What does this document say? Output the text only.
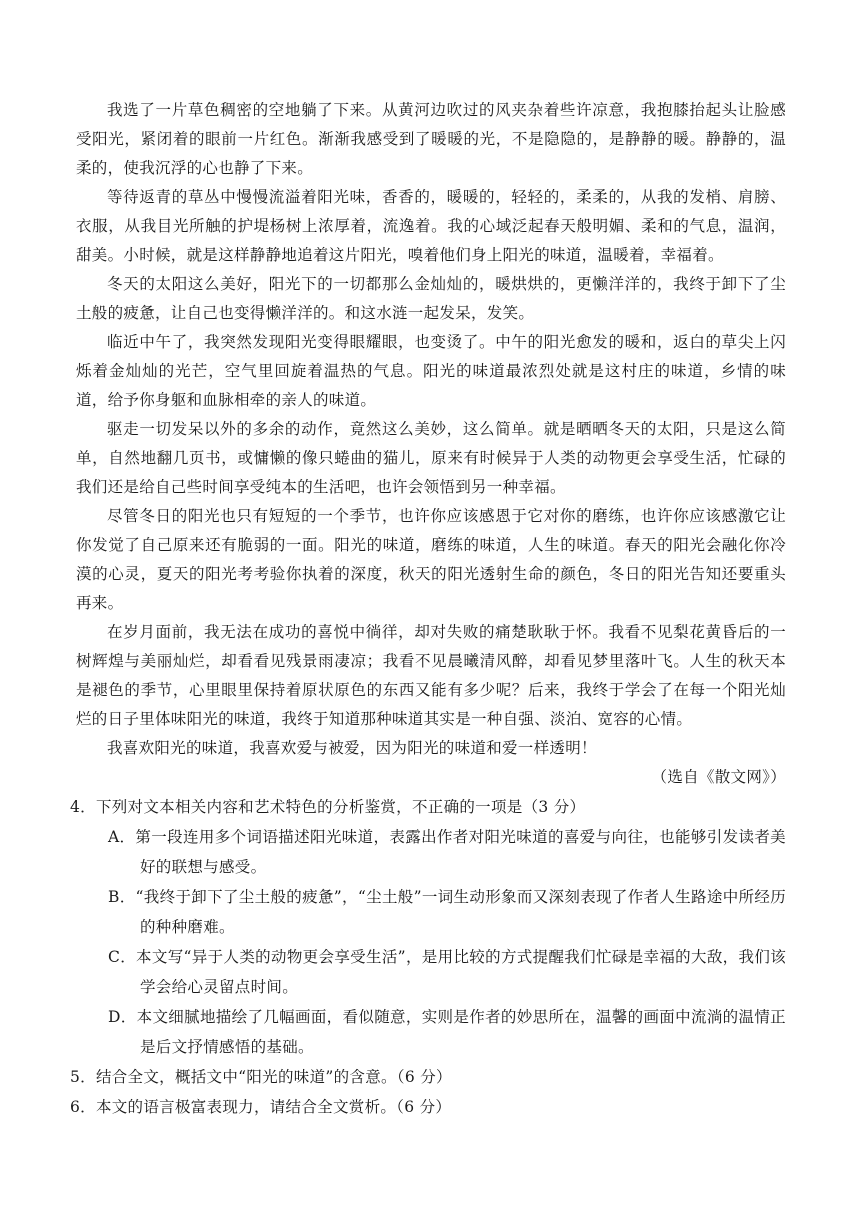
我选了一片草色稠密的空地躺了下来。从黄河边吹过的风夹杂着些许凉意，我抱膝抬起头让脸感受阳光，紧闭着的眼前一片红色。渐渐我感受到了暖暖的光，不是隐隐的，是静静的暖。静静的，温柔的，使我沉浮的心也静了下来。

等待返青的草丛中慢慢流溢着阳光味，香香的，暖暖的，轻轻的，柔柔的，从我的发梢、肩膀、衣服，从我目光所触的护堤杨树上浓厚着，流逸着。我的心域泛起春天般明媚、柔和的气息，温润，甜美。小时候，就是这样静静地追着这片阳光，嗅着他们身上阳光的味道，温暖着，幸福着。

冬天的太阳这么美好，阳光下的一切都那么金灿灿的，暖烘烘的，更懒洋洋的，我终于卸下了尘土般的疲惫，让自己也变得懒洋洋的。和这水涟一起发呆，发笑。

临近中午了，我突然发现阳光变得眼耀眼，也变烫了。中午的阳光愈发的暖和，返白的草尖上闪烁着金灿灿的光芒，空气里回旋着温热的气息。阳光的味道最浓烈处就是这村庄的味道，乡情的味道，给予你身躯和血脉相牵的亲人的味道。

驱走一切发呆以外的多余的动作，竟然这么美妙，这么简单。就是晒晒冬天的太阳，只是这么简单，自然地翻几页书，或慵懒的像只蜷曲的猫儿，原来有时候异于人类的动物更会享受生活，忙碌的我们还是给自己些时间享受纯本的生活吧，也许会领悟到另一种幸福。

尽管冬日的阳光也只有短短的一个季节，也许你应该感恩于它对你的磨练，也许你应该感激它让你发觉了自己原来还有脆弱的一面。阳光的味道，磨练的味道，人生的味道。春天的阳光会融化你冷漠的心灵，夏天的阳光考考验你执着的深度，秋天的阳光透射生命的颜色，冬日的阳光告知还要重头再来。

在岁月面前，我无法在成功的喜悦中徜徉，却对失败的痛楚耿耿于怀。我看不见梨花黄昏后的一树辉煌与美丽灿烂，却看看见残景雨凄凉；我看不见晨曦清风醉，却看见梦里落叶飞。人生的秋天本是褪色的季节，心里眼里保持着原状原色的东西又能有多少呢？后来，我终于学会了在每一个阳光灿烂的日子里体味阳光的味道，我终于知道那种味道其实是一种自强、淡泊、宽容的心情。

我喜欢阳光的味道，我喜欢爱与被爱，因为阳光的味道和爱一样透明！

（选自《散文网》）

4．下列对文本相关内容和艺术特色的分析鉴赏，不正确的一项是（3 分）

A．第一段连用多个词语描述阳光味道，表露出作者对阳光味道的喜爱与向往，也能够引发读者美好的联想与感受。

B．“我终于卸下了尘土般的疲惫”，“尘土般”一词生动形象而又深刻表现了作者人生路途中所经历的种种磨难。

C．本文写“异于人类的动物更会享受生活”，是用比较的方式提醒我们忙碌是幸福的大敌，我们该学会给心灵留点时间。

D．本文细腻地描绘了几幅画面，看似随意，实则是作者的妙思所在，温馨的画面中流淌的温情正是后文抒情感悟的基础。

5．结合全文，概括文中“阳光的味道”的含意。（6 分）

6．本文的语言极富表现力，请结合全文赏析。（6 分）
